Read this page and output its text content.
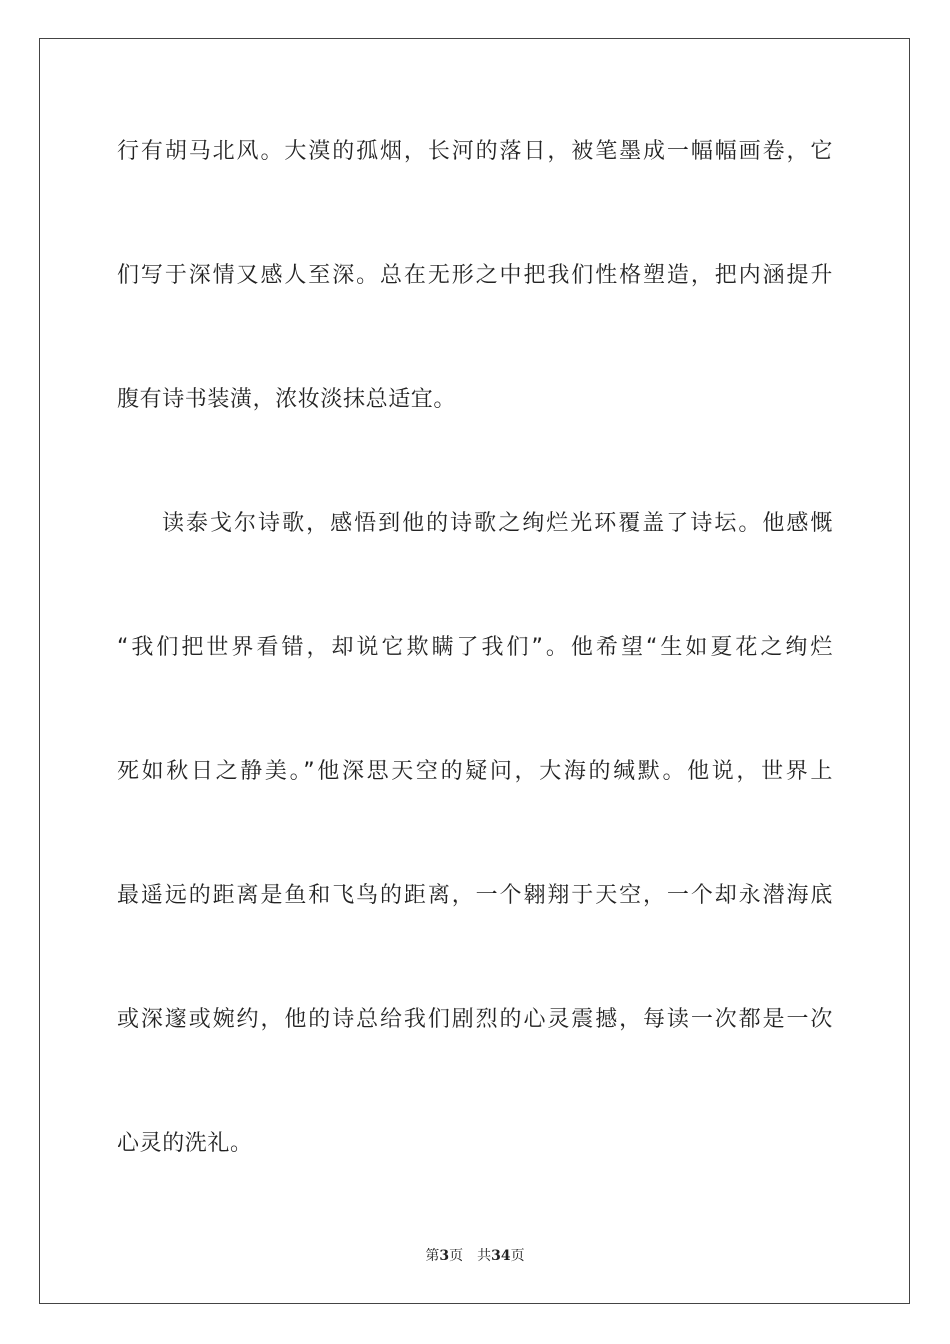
行有胡马北风。大漠的孤烟，长河的落日，被笔墨成一幅幅画卷，它
们写于深情又感人至深。总在无形之中把我们性格塑造，把内涵提升
腹有诗书装潢，浓妆淡抹总适宜。
读泰戈尔诗歌，感悟到他的诗歌之绚烂光环覆盖了诗坛。他感慨
“我们把世界看错，却说它欺瞒了我们”。他希望“生如夏花之绚烂
死如秋日之静美。”他深思天空的疑问，大海的缄默。他说，世界上
最遥远的距离是鱼和飞鸟的距离，一个翱翔于天空，一个却永潜海底
或深邃或婉约，他的诗总给我们剧烈的心灵震撼，每读一次都是一次
心灵的洗礼。
第3页 共34页
